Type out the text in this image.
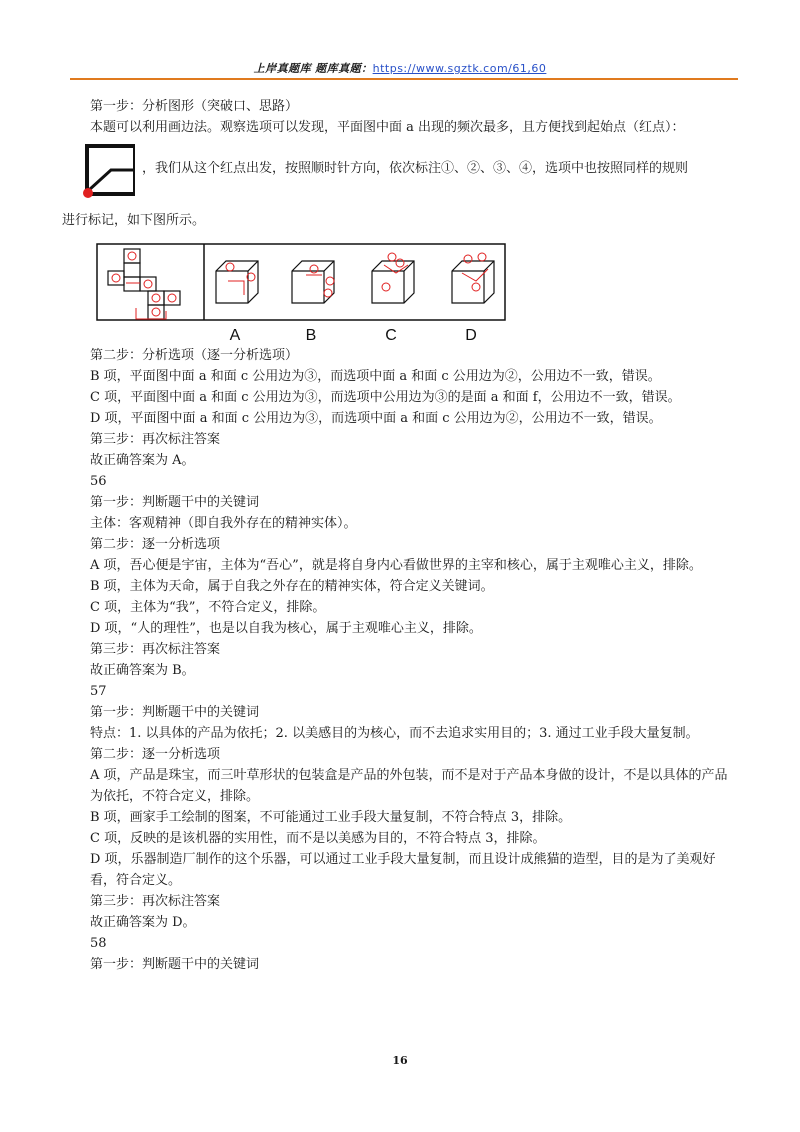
上岸真题库 题库真题：https://www.sgztk.com/61,60

第一步：分析图形（突破口、思路）

本题可以利用画边法。观察选项可以发现，平面图中面 a 出现的频次最多，且方便找到起始点（红点）：

，我们从这个红点出发，按照顺时针方向，依次标注①、②、③、④，选项中也按照同样的规则

进行标记，如下图所示。

A	B	C	D

第二步：分析选项（逐一分析选项）

B 项，平面图中面 a 和面 c 公用边为③，而选项中面 a 和面 c 公用边为②，公用边不一致，错误。

C 项，平面图中面 a 和面 c 公用边为③，而选项中公用边为③的是面 a 和面 f，公用边不一致，错误。

D 项，平面图中面 a 和面 c 公用边为③，而选项中面 a 和面 c 公用边为②，公用边不一致，错误。

第三步：再次标注答案

故正确答案为 A。

56

第一步：判断题干中的关键词

主体：客观精神（即自我外存在的精神实体）。

第二步：逐一分析选项

A 项，吾心便是宇宙，主体为“吾心”，就是将自身内心看做世界的主宰和核心，属于主观唯心主义，排除。

B 项，主体为天命，属于自我之外存在的精神实体，符合定义关键词。

C 项，主体为“我”，不符合定义，排除。

D 项，“人的理性”，也是以自我为核心，属于主观唯心主义，排除。

第三步：再次标注答案

故正确答案为 B。

57

第一步：判断题干中的关键词

特点：1. 以具体的产品为依托；2. 以美感目的为核心，而不去追求实用目的；3. 通过工业手段大量复制。

第二步：逐一分析选项

A 项，产品是珠宝，而三叶草形状的包装盒是产品的外包装，而不是对于产品本身做的设计，不是以具体的产品为依托，不符合定义，排除。

B 项，画家手工绘制的图案，不可能通过工业手段大量复制，不符合特点 3，排除。

C 项，反映的是该机器的实用性，而不是以美感为目的，不符合特点 3，排除。

D 项，乐器制造厂制作的这个乐器，可以通过工业手段大量复制，而且设计成熊猫的造型，目的是为了美观好看，符合定义。

第三步：再次标注答案

故正确答案为 D。

58

第一步：判断题干中的关键词

16
